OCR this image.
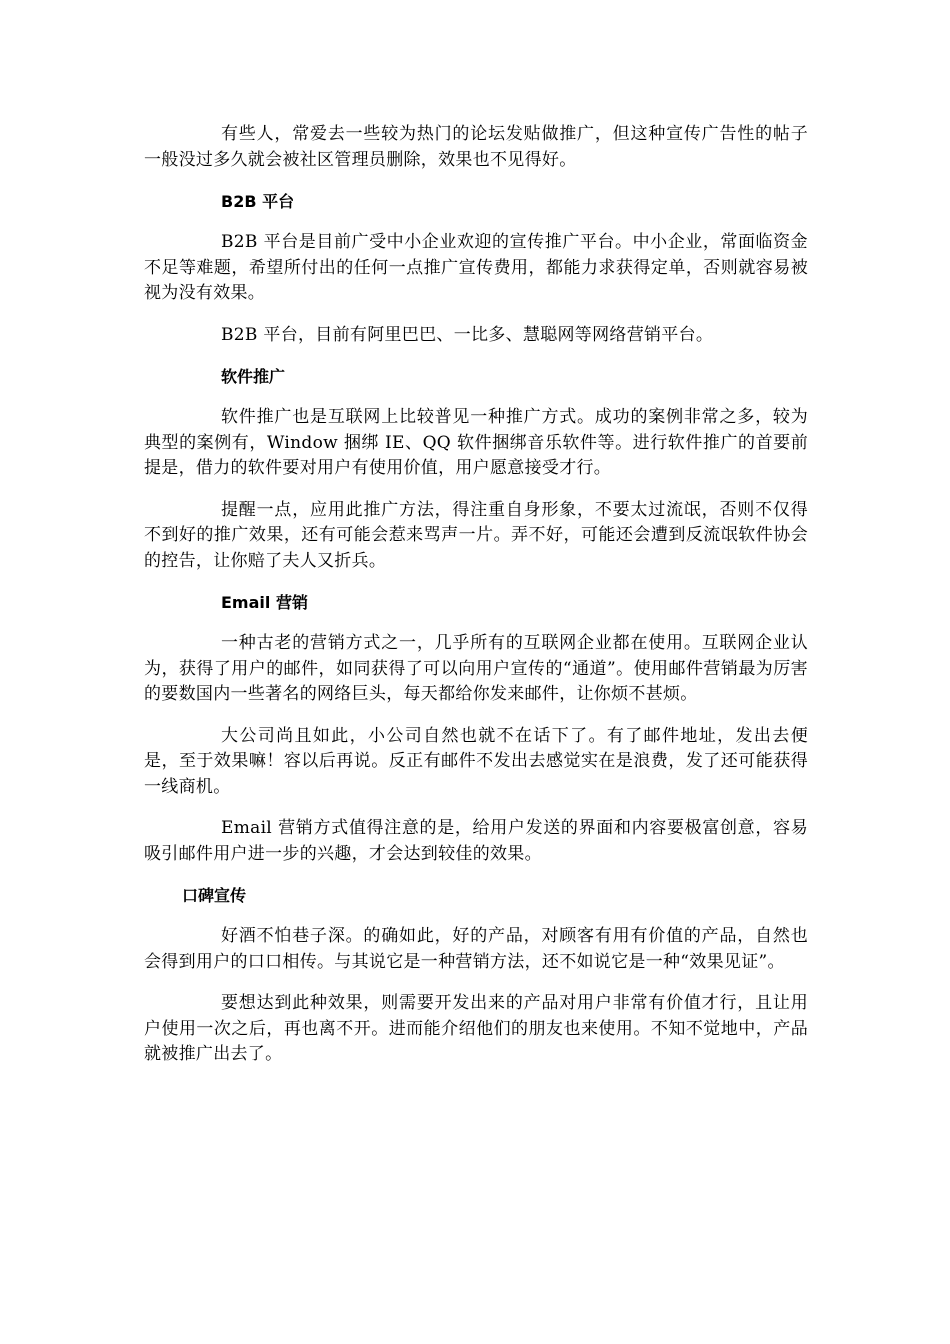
有些人，常爱去一些较为热门的论坛发贴做推广，但这种宣传广告性的帖子一般没过多久就会被社区管理员删除，效果也不见得好。

B2B 平台

B2B 平台是目前广受中小企业欢迎的宣传推广平台。中小企业，常面临资金不足等难题，希望所付出的任何一点推广宣传费用，都能力求获得定单，否则就容易被视为没有效果。

B2B 平台，目前有阿里巴巴、一比多、慧聪网等网络营销平台。

软件推广

软件推广也是互联网上比较普见一种推广方式。成功的案例非常之多，较为典型的案例有，Window 捆绑 IE、QQ 软件捆绑音乐软件等。进行软件推广的首要前提是，借力的软件要对用户有使用价值，用户愿意接受才行。

提醒一点，应用此推广方法，得注重自身形象，不要太过流氓，否则不仅得不到好的推广效果，还有可能会惹来骂声一片。弄不好，可能还会遭到反流氓软件协会的控告，让你赔了夫人又折兵。

Email 营销

一种古老的营销方式之一，几乎所有的互联网企业都在使用。互联网企业认为，获得了用户的邮件，如同获得了可以向用户宣传的“通道”。使用邮件营销最为厉害的要数国内一些著名的网络巨头，每天都给你发来邮件，让你烦不甚烦。

大公司尚且如此，小公司自然也就不在话下了。有了邮件地址，发出去便是，至于效果嘛！容以后再说。反正有邮件不发出去感觉实在是浪费，发了还可能获得一线商机。

Email 营销方式值得注意的是，给用户发送的界面和内容要极富创意，容易吸引邮件用户进一步的兴趣，才会达到较佳的效果。

口碑宣传

好酒不怕巷子深。的确如此，好的产品，对顾客有用有价值的产品，自然也会得到用户的口口相传。与其说它是一种营销方法，还不如说它是一种“效果见证”。

要想达到此种效果，则需要开发出来的产品对用户非常有价值才行，且让用户使用一次之后，再也离不开。进而能介绍他们的朋友也来使用。不知不觉地中，产品就被推广出去了。
